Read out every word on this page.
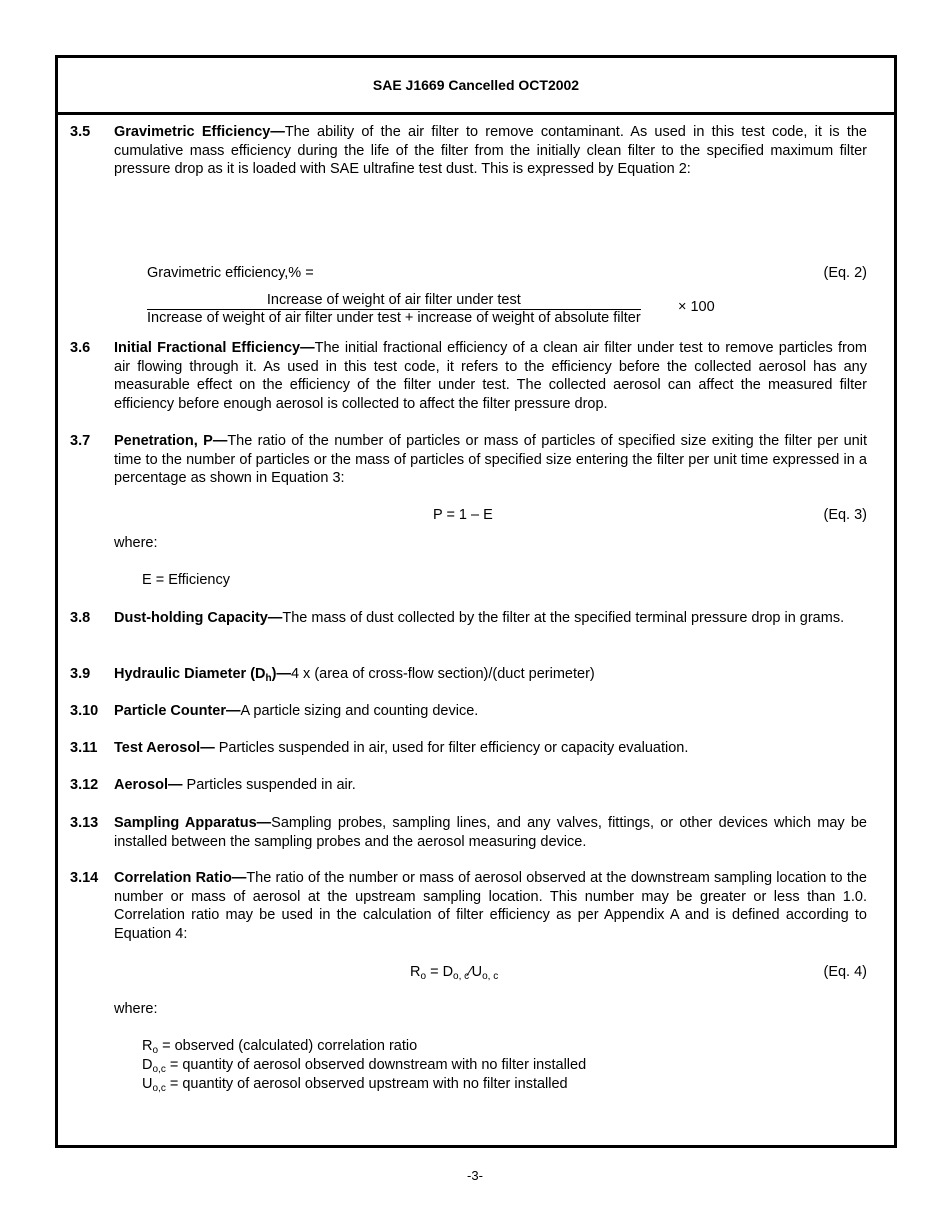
SAE J1669 Cancelled OCT2002
3.5	Gravimetric Efficiency—The ability of the air filter to remove contaminant. As used in this test code, it is the cumulative mass efficiency during the life of the filter from the initially clean filter to the specified maximum filter pressure drop as it is loaded with SAE ultrafine test dust. This is expressed by Equation 2:
Gravimetric efficiency,% =	(Eq. 2)
Increase of weight of air filter under test
Increase of weight of air filter under test + increase of weight of absolute filter
× 100
3.6	Initial Fractional Efficiency—The initial fractional efficiency of a clean air filter under test to remove particles from air flowing through it. As used in this test code, it refers to the efficiency before the collected aerosol has any measurable effect on the efficiency of the filter under test. The collected aerosol can affect the measured filter efficiency before enough aerosol is collected to affect the filter pressure drop.
3.7	Penetration, P—The ratio of the number of particles or mass of particles of specified size exiting the filter per unit time to the number of particles or the mass of particles of specified size entering the filter per unit time expressed in a percentage as shown in Equation 3:
P = 1 – E	(Eq. 3)
where:
E = Efficiency
3.8	Dust-holding Capacity—The mass of dust collected by the filter at the specified terminal pressure drop in grams.
3.9	Hydraulic Diameter $(D_h)—4$ x (area of cross-flow section)/(duct perimeter)
3.10	Particle Counter—A particle sizing and counting device.
3.11	Test Aerosol— Particles suspended in air, used for filter efficiency or capacity evaluation.
3.12	Aerosol— Particles suspended in air.
3.13	Sampling Apparatus—Sampling probes, sampling lines, and any valves, fittings, or other devices which may be installed between the sampling probes and the aerosol measuring device.
3.14	Correlation Ratio—The ratio of the number or mass of aerosol observed at the downstream sampling location to the number or mass of aerosol at the upstream sampling location. This number may be greater or less than 1.0. Correlation ratio may be used in the calculation of filter efficiency as per Appendix A and is defined according to Equation 4:
$R_o$ = $D_{o, c}⁄U_{o, c}$	(Eq. 4)
where:
$R_o$ = observed (calculated) correlation ratio
$D_{o,c}$ = quantity of aerosol observed downstream with no filter installed
$U_{o,c}$ = quantity of aerosol observed upstream with no filter installed
-3-
